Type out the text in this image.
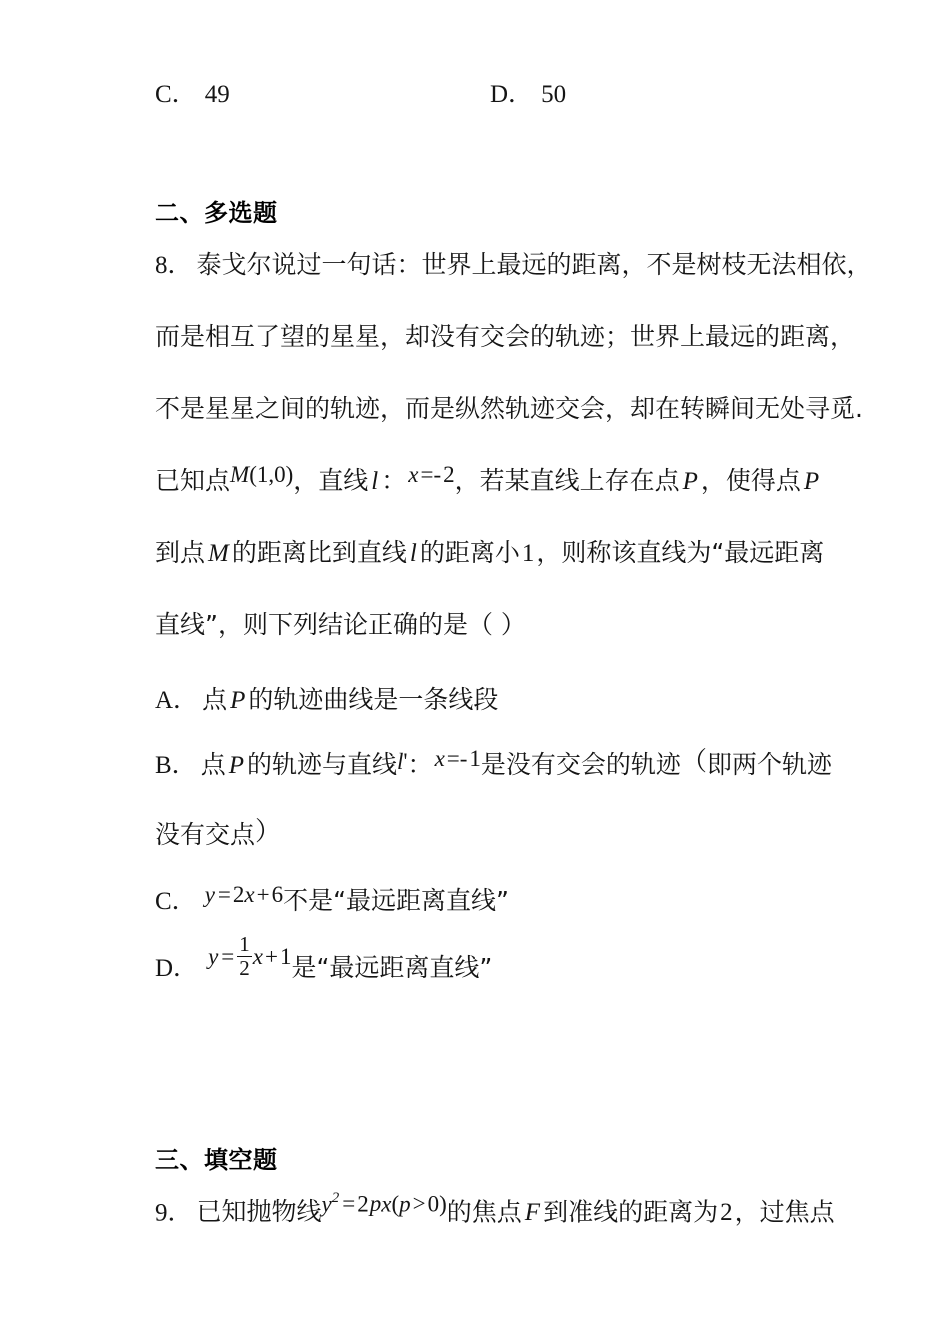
C． 49	D． 50
二、多选题
8． 泰戈尔说过一句话：世界上最远的距离，不是树枝无法相依，
而是相互了望的星星，却没有交会的轨迹；世界上最远的距离，
不是星星之间的轨迹，而是纵然轨迹交会，却在转瞬间无处寻觅.
已知点M(1,0)，直线 l ：x=-2，若某直线上存在点 P ，使得点 P
到点 M 的距离比到直线 l 的距离小1，则称该直线为“最远距离
直线”，则下列结论正确的是（ ）
A． 点 P 的轨迹曲线是一条线段
B． 点 P 的轨迹与直线l'：x=-1是没有交会的轨迹（即两个轨迹
没有交点）
C． y =2x+6不是“最远距离直线”
D． $y = \frac{1}{2} x+1$是“最远距离直线”
三、填空题
9． 已知抛物线$y^2 =2px(p>0)$的焦点 F 到准线的距离为2，过焦点
